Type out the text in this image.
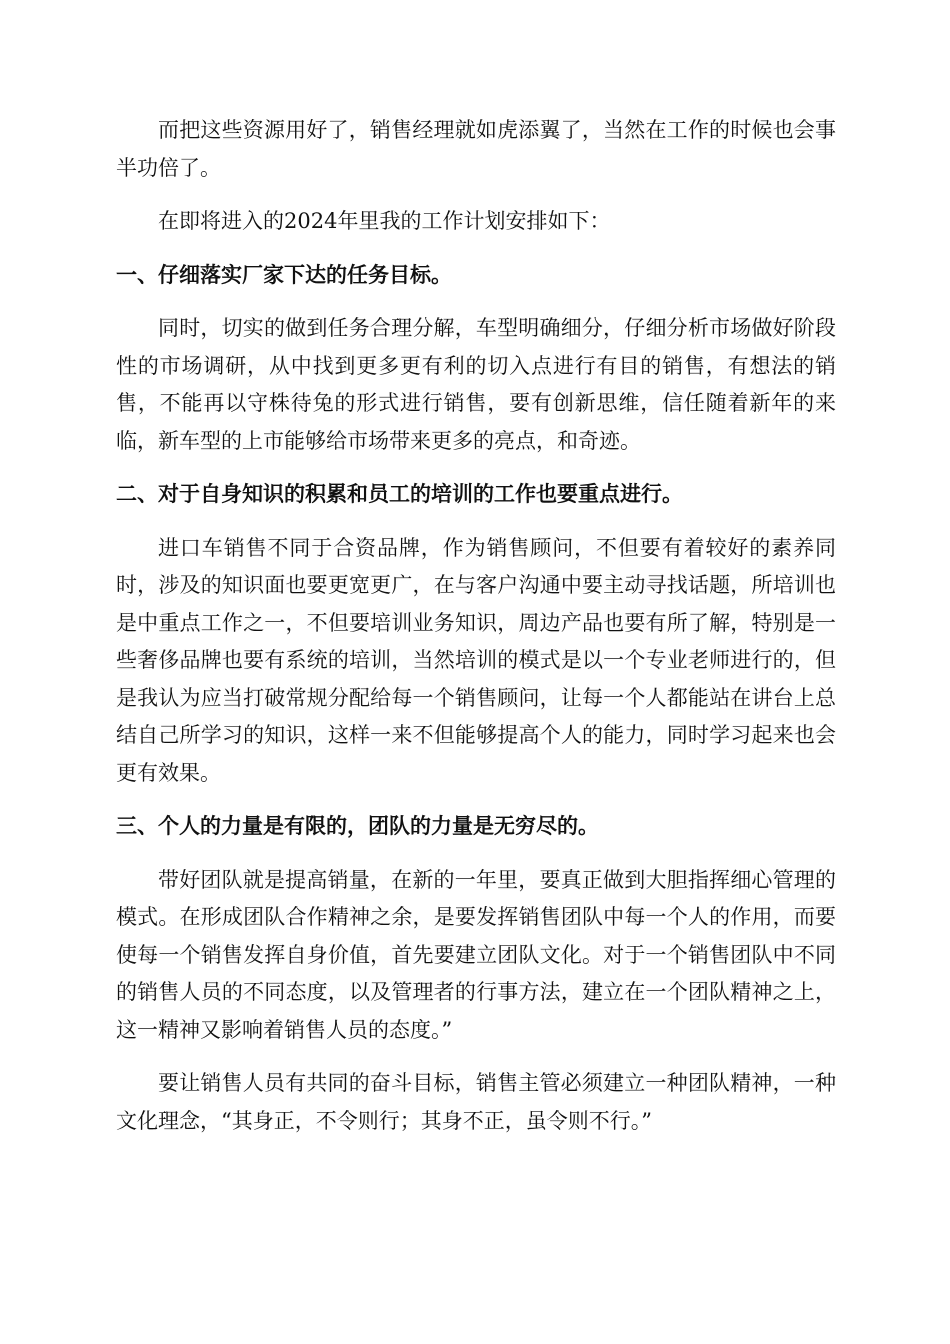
而把这些资源用好了，销售经理就如虎添翼了，当然在工作的时候也会事半功倍了。

在即将进入的2024年里我的工作计划安排如下：

一、仔细落实厂家下达的任务目标。

同时，切实的做到任务合理分解，车型明确细分，仔细分析市场做好阶段性的市场调研，从中找到更多更有利的切入点进行有目的销售，有想法的销售，不能再以守株待兔的形式进行销售，要有创新思维，信任随着新年的来临，新车型的上市能够给市场带来更多的亮点，和奇迹。

二、对于自身知识的积累和员工的培训的工作也要重点进行。

进口车销售不同于合资品牌，作为销售顾问，不但要有着较好的素养同时，涉及的知识面也要更宽更广，在与客户沟通中要主动寻找话题，所培训也是中重点工作之一，不但要培训业务知识，周边产品也要有所了解，特别是一些奢侈品牌也要有系统的培训，当然培训的模式是以一个专业老师进行的，但是我认为应当打破常规分配给每一个销售顾问，让每一个人都能站在讲台上总结自己所学习的知识，这样一来不但能够提高个人的能力，同时学习起来也会更有效果。

三、个人的力量是有限的，团队的力量是无穷尽的。

带好团队就是提高销量，在新的一年里，要真正做到大胆指挥细心管理的模式。在形成团队合作精神之余，是要发挥销售团队中每一个人的作用，而要使每一个销售发挥自身价值，首先要建立团队文化。对于一个销售团队中不同的销售人员的不同态度，以及管理者的行事方法，建立在一个团队精神之上，这一精神又影响着销售人员的态度。”

要让销售人员有共同的奋斗目标，销售主管必须建立一种团队精神，一种文化理念，“其身正，不令则行；其身不正，虽令则不行。”
